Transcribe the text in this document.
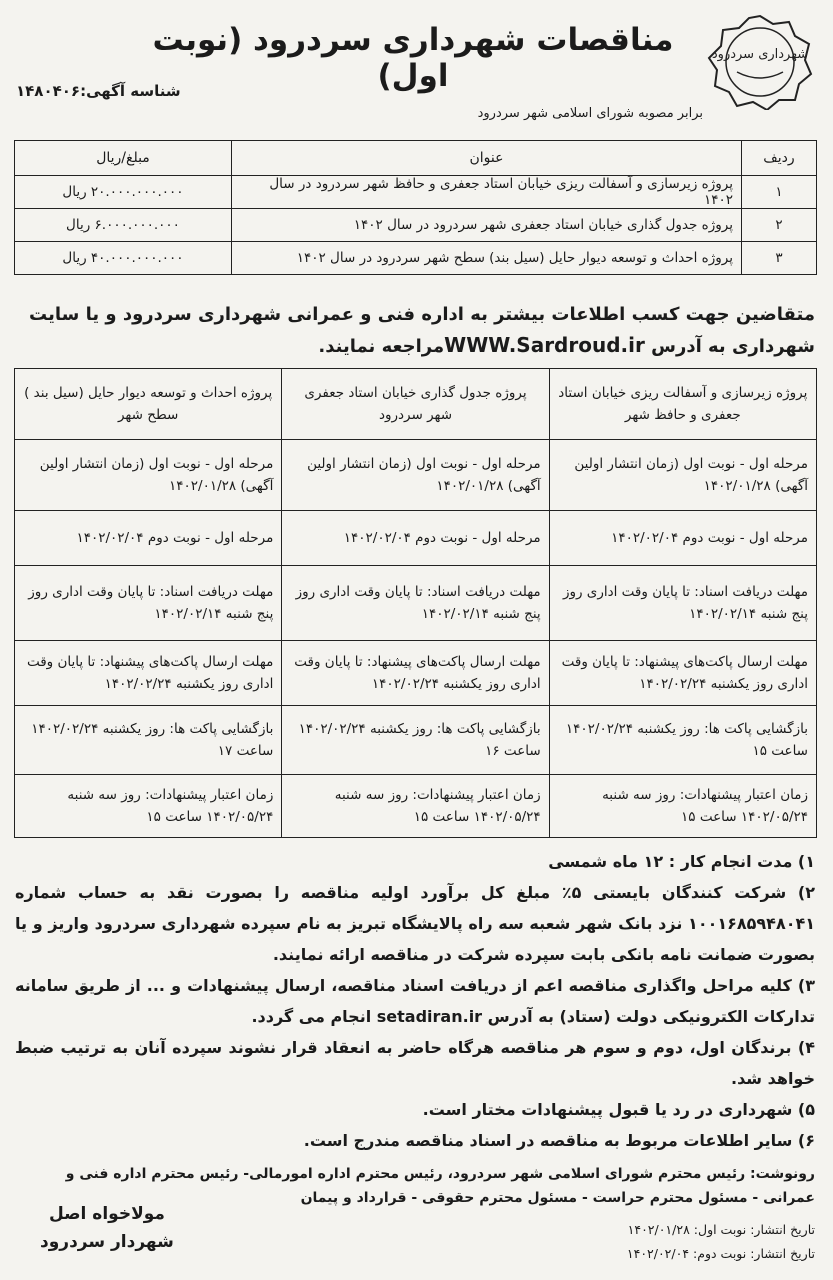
شهرداری سردرود
مناقصات شهرداری سردرود (نوبت اول)
شناسه آگهی:۱۴۸۰۴۰۶
برابر مصوبه شورای اسلامی شهر سردرود
ردیف	عنوان	مبلغ/ریال
۱	پروژه زیرسازی و آسفالت ریزی خیابان استاد جعفری و حافظ شهر سردرود در سال ۱۴۰۲	۲۰.۰۰۰.۰۰۰.۰۰۰ ریال
۲	پروژه جدول گذاری خیابان استاد جعفری شهر سردرود در سال ۱۴۰۲	۶.۰۰۰.۰۰۰.۰۰۰ ریال
۳	پروژه احداث و توسعه دیوار حایل (سیل بند) سطح شهر سردرود در سال ۱۴۰۲	۴۰.۰۰۰.۰۰۰.۰۰۰ ریال
متقاضین جهت کسب اطلاعات بیشتر به اداره فنی و عمرانی شهرداری سردرود و یا سایت شهرداری به آدرس WWW.Sardroud.irمراجعه نمایند.
پروژه زیرسازی و آسفالت ریزی خیابان استاد جعفری و حافظ شهر	پروژه جدول گذاری خیابان استاد جعفری شهر سردرود	پروژه احداث و توسعه دیوار حایل (سیل بند ) سطح شهر
مرحله اول - نوبت اول (زمان انتشار اولین آگهی) ۱۴۰۲/۰۱/۲۸	مرحله اول - نوبت اول (زمان انتشار اولین آگهی) ۱۴۰۲/۰۱/۲۸	مرحله اول - نوبت اول (زمان انتشار اولین آگهی) ۱۴۰۲/۰۱/۲۸
مرحله اول - نوبت دوم ۱۴۰۲/۰۲/۰۴	مرحله اول - نوبت دوم ۱۴۰۲/۰۲/۰۴	مرحله اول - نوبت دوم ۱۴۰۲/۰۲/۰۴
مهلت دریافت اسناد: تا پایان وقت اداری روز پنج شنبه ۱۴۰۲/۰۲/۱۴	مهلت دریافت اسناد: تا پایان وقت اداری روز پنج شنبه ۱۴۰۲/۰۲/۱۴	مهلت دریافت اسناد: تا پایان وقت اداری روز پنج شنبه ۱۴۰۲/۰۲/۱۴
مهلت ارسال پاکت‌های پیشنهاد: تا پایان وقت اداری روز یکشنبه ۱۴۰۲/۰۲/۲۴	مهلت ارسال پاکت‌های پیشنهاد: تا پایان وقت اداری روز یکشنبه ۱۴۰۲/۰۲/۲۴	مهلت ارسال پاکت‌های پیشنهاد: تا پایان وقت اداری روز یکشنبه ۱۴۰۲/۰۲/۲۴
بازگشایی پاکت ها: روز یکشنبه ۱۴۰۲/۰۲/۲۴ ساعت ۱۵	بازگشایی پاکت ها: روز یکشنبه ۱۴۰۲/۰۲/۲۴ ساعت ۱۶	بازگشایی پاکت ها: روز یکشنبه ۱۴۰۲/۰۲/۲۴ ساعت ۱۷
زمان اعتبار پیشنهادات: روز سه شنبه ۱۴۰۲/۰۵/۲۴ ساعت ۱۵	زمان اعتبار پیشنهادات: روز سه شنبه ۱۴۰۲/۰۵/۲۴ ساعت ۱۵	زمان اعتبار پیشنهادات: روز سه شنبه ۱۴۰۲/۰۵/۲۴ ساعت ۱۵

۱) مدت انجام کار : ۱۲ ماه شمسی

۲) شرکت کنندگان بایستی ۵٪ مبلغ کل برآورد اولیه مناقصه را بصورت نقد به حساب شماره ۱۰۰۱۶۸۵۹۴۸۰۴۱ نزد بانک شهر شعبه سه راه پالایشگاه تبریز به نام سپرده شهرداری سردرود واریز و یا بصورت ضمانت نامه بانکی بابت سپرده شرکت در مناقصه ارائه نمایند.

۳) کلیه مراحل واگذاری مناقصه اعم از دریافت اسناد مناقصه، ارسال پیشنهادات و ... از طریق سامانه تدارکات الکترونیکی دولت (ستاد) به آدرس setadiran.ir انجام می گردد.

۴) برندگان اول، دوم و سوم هر مناقصه هرگاه حاضر به انعقاد قرار نشوند سپرده آنان به ترتیب ضبط خواهد شد.

۵) شهرداری در رد یا قبول پیشنهادات مختار است.

۶) سایر اطلاعات مربوط به مناقصه در اسناد مناقصه مندرج است.

رونوشت: رئیس محترم شورای اسلامی شهر سردرود، رئیس محترم اداره امورمالی- رئیس محترم اداره فنی و عمرانی - مسئول محترم حراست - مسئول محترم حقوقی - قرارداد و پیمان
تاریخ انتشار: نوبت اول: ۱۴۰۲/۰۱/۲۸
تاریخ انتشار: نوبت دوم: ۱۴۰۲/۰۲/۰۴
مولاخواه اصل
شهردار سردرود
